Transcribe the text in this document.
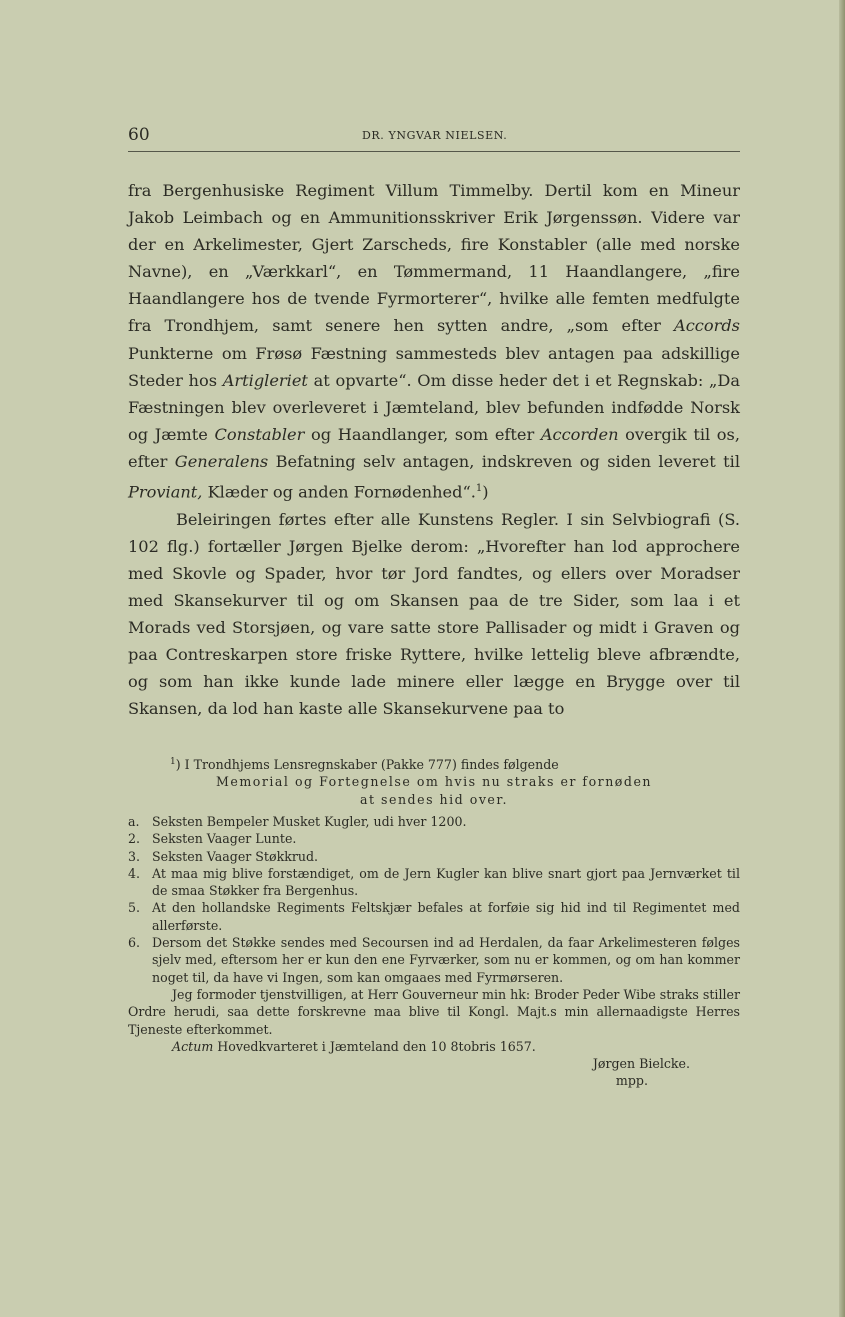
60	DR. YNGVAR NIELSEN.

fra Bergenhusiske Regiment Villum Timmelby. Dertil kom en Mineur Jakob Leimbach og en Ammunitionsskriver Erik Jørgenssøn. Videre var der en Arkelimester, Gjert Zarscheds, fire Konstabler (alle med norske Navne), en „Værkkarl“, en Tømmermand, 11 Haandlangere, „fire Haandlangere hos de tvende Fyrmorterer“, hvilke alle femten medfulgte fra Trondhjem, samt senere hen sytten andre, „som efter Accords Punkterne om Frøsø Fæstning sammesteds blev antagen paa adskillige Steder hos Artigleriet at opvarte“. Om disse heder det i et Regnskab: „Da Fæstningen blev overleveret i Jæmteland, blev befunden indfødde Norsk og Jæmte Constabler og Haandlanger, som efter Accorden overgik til os, efter Generalens Befatning selv antagen, indskreven og siden leveret til Proviant, Klæder og anden Fornødenhed“.$^1$)

Beleiringen førtes efter alle Kunstens Regler. I sin Selvbiografi (S. 102 flg.) fortæller Jørgen Bjelke derom: „Hvorefter han lod approchere med Skovle og Spader, hvor tør Jord fandtes, og ellers over Moradser med Skansekurver til og om Skansen paa de tre Sider, som laa i et Morads ved Storsjøen, og vare satte store Pallisader og midt i Graven og paa Contreskarpen store friske Ryttere, hvilke lettelig bleve afbrændte, og som han ikke kunde lade minere eller lægge en Brygge over til Skansen, da lod han kaste alle Skansekurvene paa to

$^1$) I Trondhjems Lensregnskaber (Pakke 777) findes følgende

Memorial og Fortegnelse om hvis nu straks er fornøden

at sendes hid over.

a. Seksten Bempeler Musket Kugler, udi hver 1200.
2. Seksten Vaager Lunte.
3. Seksten Vaager Støkkrud.
4. At maa mig blive forstændiget, om de Jern Kugler kan blive snart gjort paa Jernværket til de smaa Støkker fra Bergenhus.
5. At den hollandske Regiments Feltskjær befales at forføie sig hid ind til Regimentet med allerførste.
6. Dersom det Støkke sendes med Secoursen ind ad Herdalen, da faar Arkelimesteren følges sjelv med, eftersom her er kun den ene Fyrværker, som nu er kommen, og om han kommer noget til, da have vi Ingen, som kan omgaaes med Fyrmørseren.

Jeg formoder tjenstvilligen, at Herr Gouverneur min hk: Broder Peder Wibe straks stiller Ordre herudi, saa dette forskrevne maa blive til Kongl. Majt.s min allernaadigste Herres Tjeneste efterkommet.

Actum Hovedkvarteret i Jæmteland den 10 8tobris 1657.

Jørgen Bielcke.

mpp.
